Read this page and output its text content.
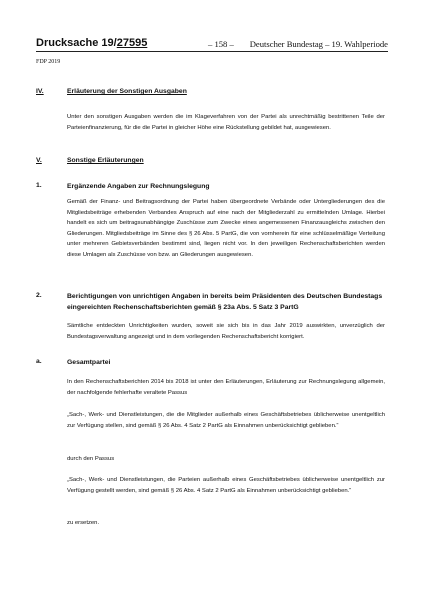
Drucksache 19/27595	– 158 – Deutscher Bundestag – 19. Wahlperiode
FDP 2019
IV.	Erläuterung der Sonstigen Ausgaben
Unter den sonstigen Ausgaben werden die im Klageverfahren von der Partei als unrechtmäßig bestrittenen Teile der Parteienfinanzierung, für die die Partei in gleicher Höhe eine Rückstellung gebildet hat, ausgewiesen.
V.	Sonstige Erläuterungen
1.	Ergänzende Angaben zur Rechnungslegung
Gemäß der Finanz- und Beitragsordnung der Partei haben übergeordnete Verbände oder Untergliederungen des die Mitgliedsbeiträge erhebenden Verbandes Anspruch auf eine nach der Mitgliederzahl zu ermittelnden Umlage. Hierbei handelt es sich um beitragsunabhängige Zuschüsse zum Zwecke eines angemessenen Finanzausgleichs zwischen den Gliederungen. Mitgliedsbeiträge im Sinne des § 26 Abs. 5 PartG, die von vornherein für eine schlüsselmäßige Verteilung unter mehreren Gebietsverbänden bestimmt sind, liegen nicht vor. In den jeweiligen Rechenschaftsberichten werden diese Umlagen als Zuschüsse von bzw. an Gliederungen ausgewiesen.
2.	Berichtigungen von unrichtigen Angaben in bereits beim Präsidenten des Deutschen Bundestags
eingereichten Rechenschaftsberichten gemäß § 23a Abs. 5 Satz 3 PartG
Sämtliche entdeckten Unrichtigkeiten wurden, soweit sie sich bis in das Jahr 2019 auswirkten, unverzüglich der Bundestagsverwaltung angezeigt und in dem vorliegenden Rechenschaftsbericht korrigiert.
a.	Gesamtpartei
In den Rechenschaftsberichten 2014 bis 2018 ist unter den Erläuterungen, Erläuterung zur Rechnungslegung allgemein, der nachfolgende fehlerhafte veraltete Passus
„Sach-, Werk- und Dienstleistungen, die die Mitglieder außerhalb eines Geschäftsbetriebes üblicherweise unentgeltlich zur Verfügung stellen, sind gemäß § 26 Abs. 4 Satz 2 PartG als Einnahmen unberücksichtigt geblieben.“
durch den Passus
„Sach-, Werk- und Dienstleistungen, die Parteien außerhalb eines Geschäftsbetriebes üblicherweise unentgeltlich zur Verfügung gestellt werden, sind gemäß § 26 Abs. 4 Satz 2 PartG als Einnahmen unberücksichtigt geblieben.“
zu ersetzen.
